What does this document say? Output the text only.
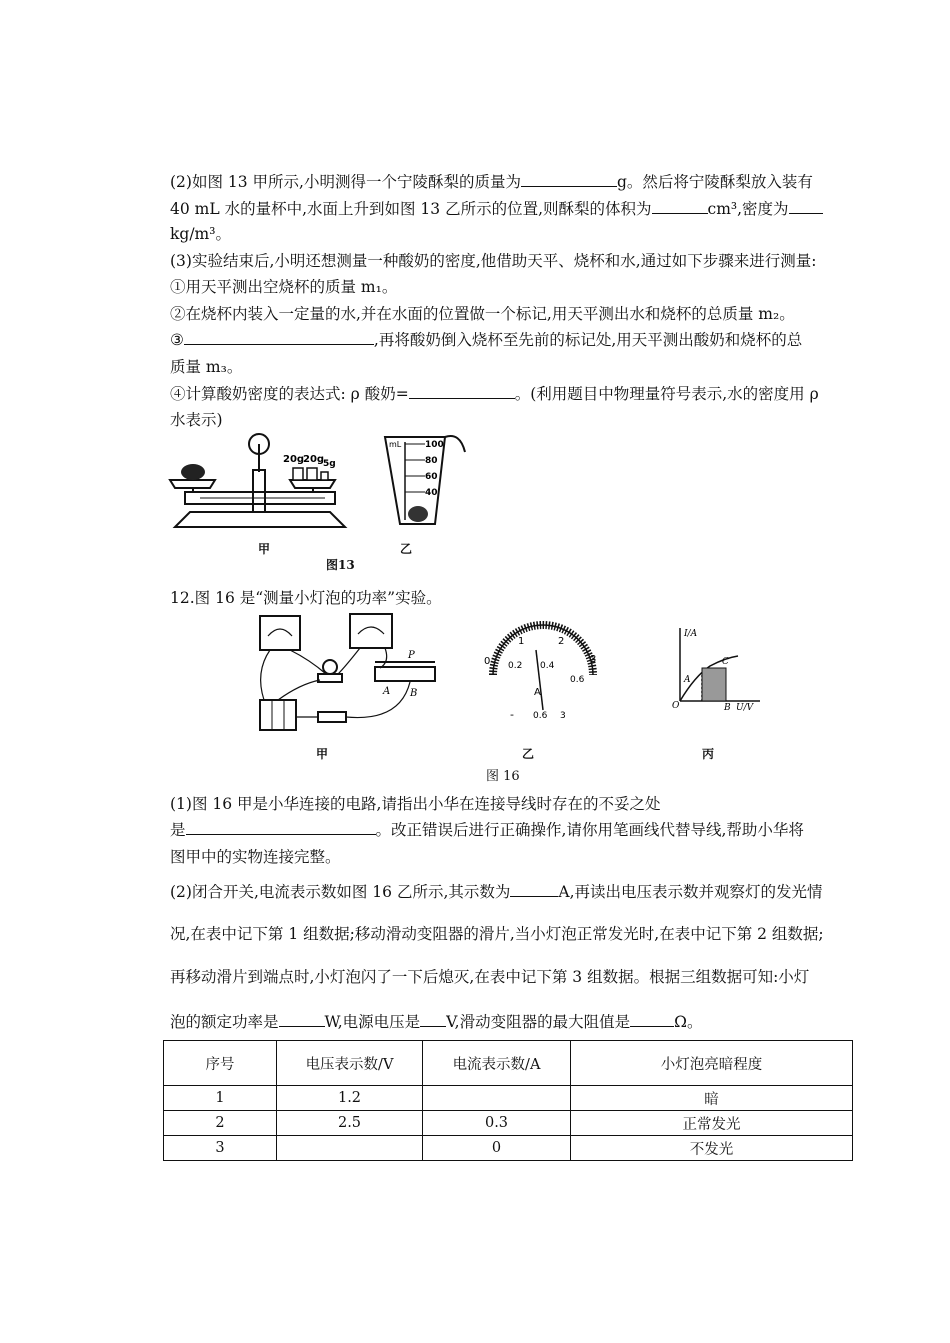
(2)如图 13 甲所示,小明测得一个宁陵酥梨的质量为	g。然后将宁陵酥梨放入装有
40 mL 水的量杯中,水面上升到如图 13 乙所示的位置,则酥梨的体积为	cm³,密度为
kg/m³。
(3)实验结束后,小明还想测量一种酸奶的密度,他借助天平、烧杯和水,通过如下步骤来进行测量:
①用天平测出空烧杯的质量 m₁。
②在烧杯内装入一定量的水,并在水面的位置做一个标记,用天平测出水和烧杯的总质量 m₂。
③	,再将酸奶倒入烧杯至先前的标记处,用天平测出酸奶和烧杯的总
质量 m₃。
④计算酸奶密度的表达式: ρ 酸奶=	。(利用题目中物理量符号表示,水的密度用 ρ
水表示)
20g
20g
5g
mL	100
80
60
40
甲	乙
图13
12.图 16 是“测量小灯泡的功率”实验。
P
A B
0
1	2
3
0.2 0.4
0.6
A
- 0.6 3
I/A
O
A
C
B U/V
甲	乙	丙
图 16
(1)图 16 甲是小华连接的电路,请指出小华在连接导线时存在的不妥之处
是	。改正错误后进行正确操作,请你用笔画线代替导线,帮助小华将
图甲中的实物连接完整。
(2)闭合开关,电流表示数如图 16 乙所示,其示数为	A,再读出电压表示数并观察灯的发光情
况,在表中记下第 1 组数据;移动滑动变阻器的滑片,当小灯泡正常发光时,在表中记下第 2 组数据;
再移动滑片到端点时,小灯泡闪了一下后熄灭,在表中记下第 3 组数据。根据三组数据可知:小灯
泡的额定功率是	W,电源电压是 V,滑动变阻器的最大阻值是	Ω。
序号	电压表示数/V	电流表示数/A	小灯泡亮暗程度
1	1.2		暗
2	2.5	0.3	正常发光
3		0	不发光
